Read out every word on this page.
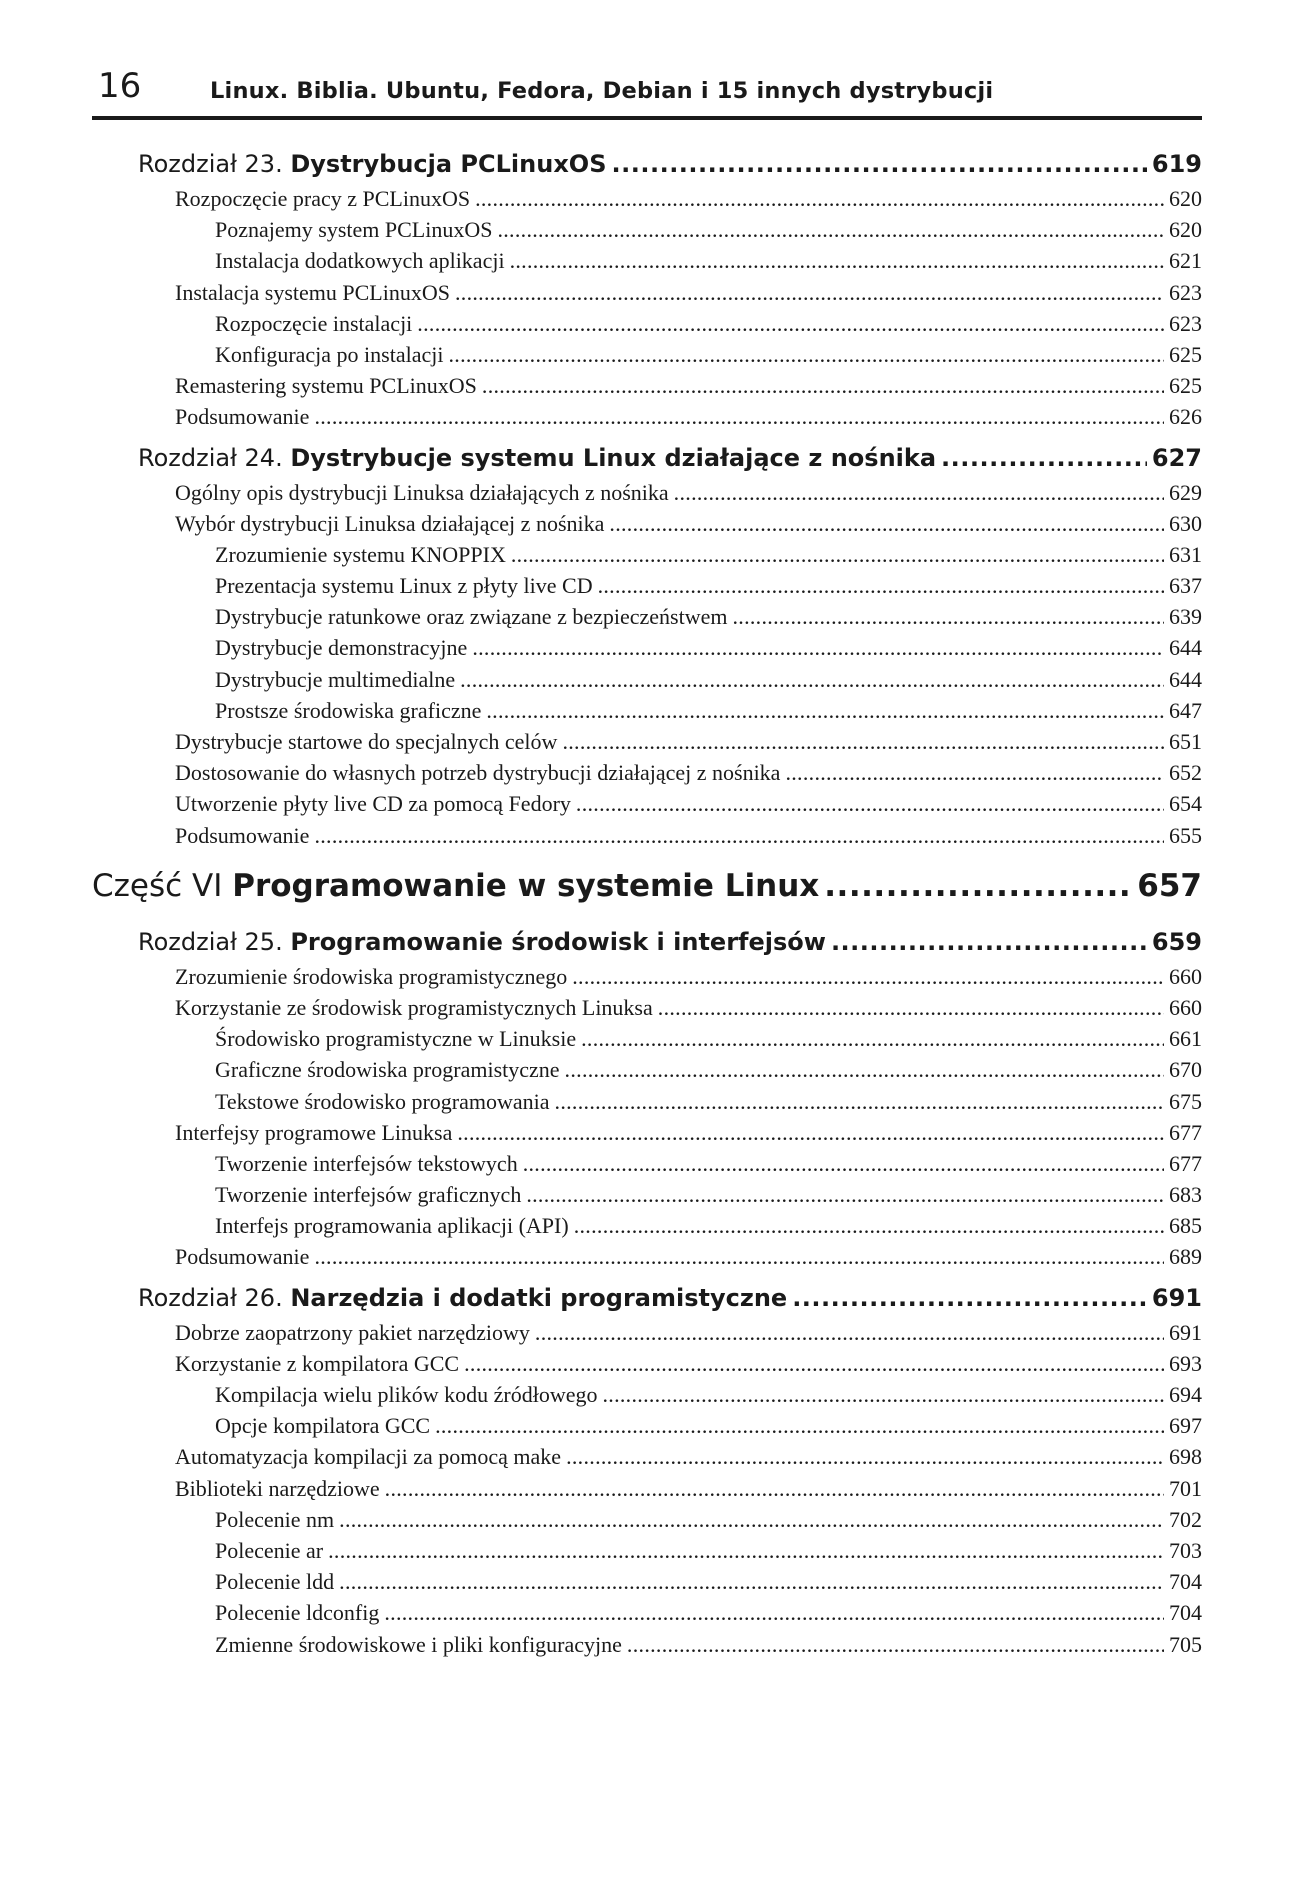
16	Linux. Biblia. Ubuntu, Fedora, Debian i 15 innych dystrybucji
Rozdział 23. Dystrybucja PCLinuxOS .....	619
Rozpoczęcie pracy z PCLinuxOS .....	620
Poznajemy system PCLinuxOS .....	620
Instalacja dodatkowych aplikacji .....	621
Instalacja systemu PCLinuxOS .....	623
Rozpoczęcie instalacji .....	623
Konfiguracja po instalacji .....	625
Remastering systemu PCLinuxOS .....	625
Podsumowanie .....	626
Rozdział 24. Dystrybucje systemu Linux działające z nośnika .....	627
Ogólny opis dystrybucji Linuksa działających z nośnika .....	629
Wybór dystrybucji Linuksa działającej z nośnika .....	630
Zrozumienie systemu KNOPPIX .....	631
Prezentacja systemu Linux z płyty live CD .....	637
Dystrybucje ratunkowe oraz związane z bezpieczeństwem .....	639
Dystrybucje demonstracyjne .....	644
Dystrybucje multimedialne .....	644
Prostsze środowiska graficzne .....	647
Dystrybucje startowe do specjalnych celów .....	651
Dostosowanie do własnych potrzeb dystrybucji działającej z nośnika .....	652
Utworzenie płyty live CD za pomocą Fedory .....	654
Podsumowanie .....	655
Część VI Programowanie w systemie Linux .....	657
Rozdział 25. Programowanie środowisk i interfejsów .....	659
Zrozumienie środowiska programistycznego .....	660
Korzystanie ze środowisk programistycznych Linuksa .....	660
Środowisko programistyczne w Linuksie .....	661
Graficzne środowiska programistyczne .....	670
Tekstowe środowisko programowania .....	675
Interfejsy programowe Linuksa .....	677
Tworzenie interfejsów tekstowych .....	677
Tworzenie interfejsów graficznych .....	683
Interfejs programowania aplikacji (API) .....	685
Podsumowanie .....	689
Rozdział 26. Narzędzia i dodatki programistyczne .....	691
Dobrze zaopatrzony pakiet narzędziowy .....	691
Korzystanie z kompilatora GCC .....	693
Kompilacja wielu plików kodu źródłowego .....	694
Opcje kompilatora GCC .....	697
Automatyzacja kompilacji za pomocą make .....	698
Biblioteki narzędziowe .....	701
Polecenie nm .....	702
Polecenie ar .....	703
Polecenie ldd .....	704
Polecenie ldconfig .....	704
Zmienne środowiskowe i pliki konfiguracyjne .....	705
